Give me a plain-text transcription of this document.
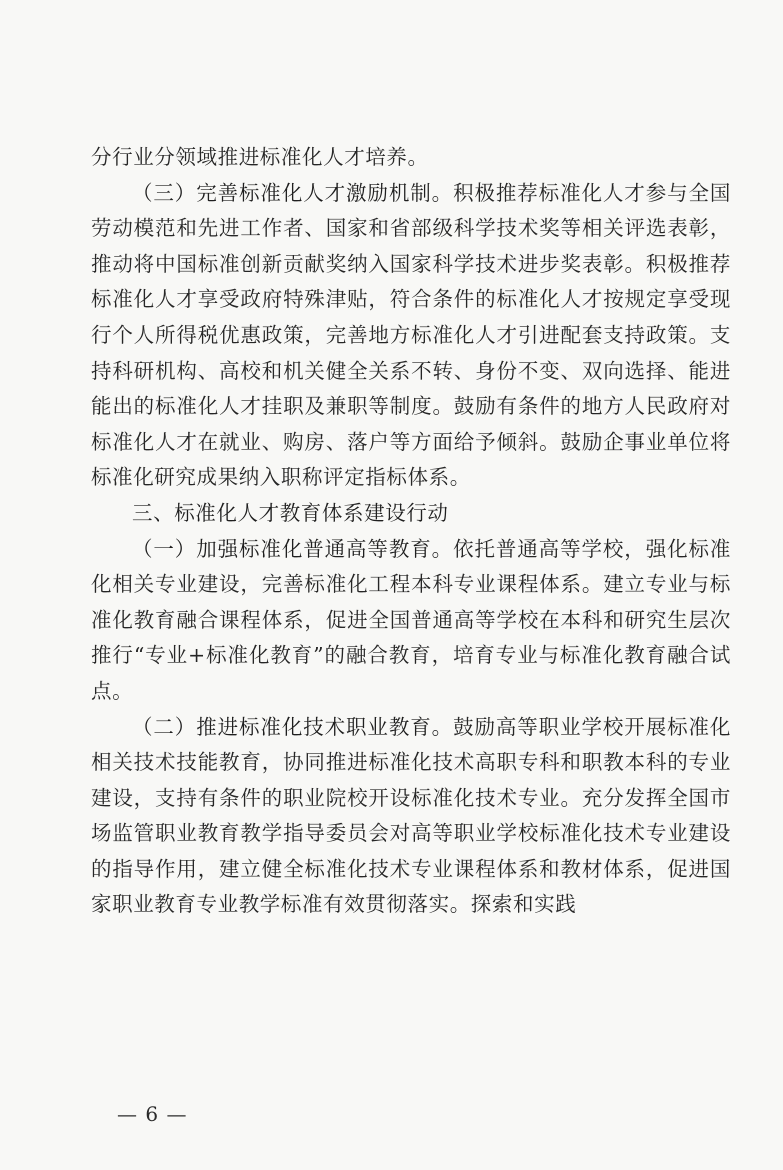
分行业分领域推进标准化人才培养。

（三）完善标准化人才激励机制。积极推荐标准化人才参与全国劳动模范和先进工作者、国家和省部级科学技术奖等相关评选表彰，推动将中国标准创新贡献奖纳入国家科学技术进步奖表彰。积极推荐标准化人才享受政府特殊津贴，符合条件的标准化人才按规定享受现行个人所得税优惠政策，完善地方标准化人才引进配套支持政策。支持科研机构、高校和机关健全关系不转、身份不变、双向选择、能进能出的标准化人才挂职及兼职等制度。鼓励有条件的地方人民政府对标准化人才在就业、购房、落户等方面给予倾斜。鼓励企事业单位将标准化研究成果纳入职称评定指标体系。

三、标准化人才教育体系建设行动

（一）加强标准化普通高等教育。依托普通高等学校，强化标准化相关专业建设，完善标准化工程本科专业课程体系。建立专业与标准化教育融合课程体系，促进全国普通高等学校在本科和研究生层次推行“专业+标准化教育”的融合教育，培育专业与标准化教育融合试点。

（二）推进标准化技术职业教育。鼓励高等职业学校开展标准化相关技术技能教育，协同推进标准化技术高职专科和职教本科的专业建设，支持有条件的职业院校开设标准化技术专业。充分发挥全国市场监管职业教育教学指导委员会对高等职业学校标准化技术专业建设的指导作用，建立健全标准化技术专业课程体系和教材体系，促进国家职业教育专业教学标准有效贯彻落实。探索和实践

— 6 —
